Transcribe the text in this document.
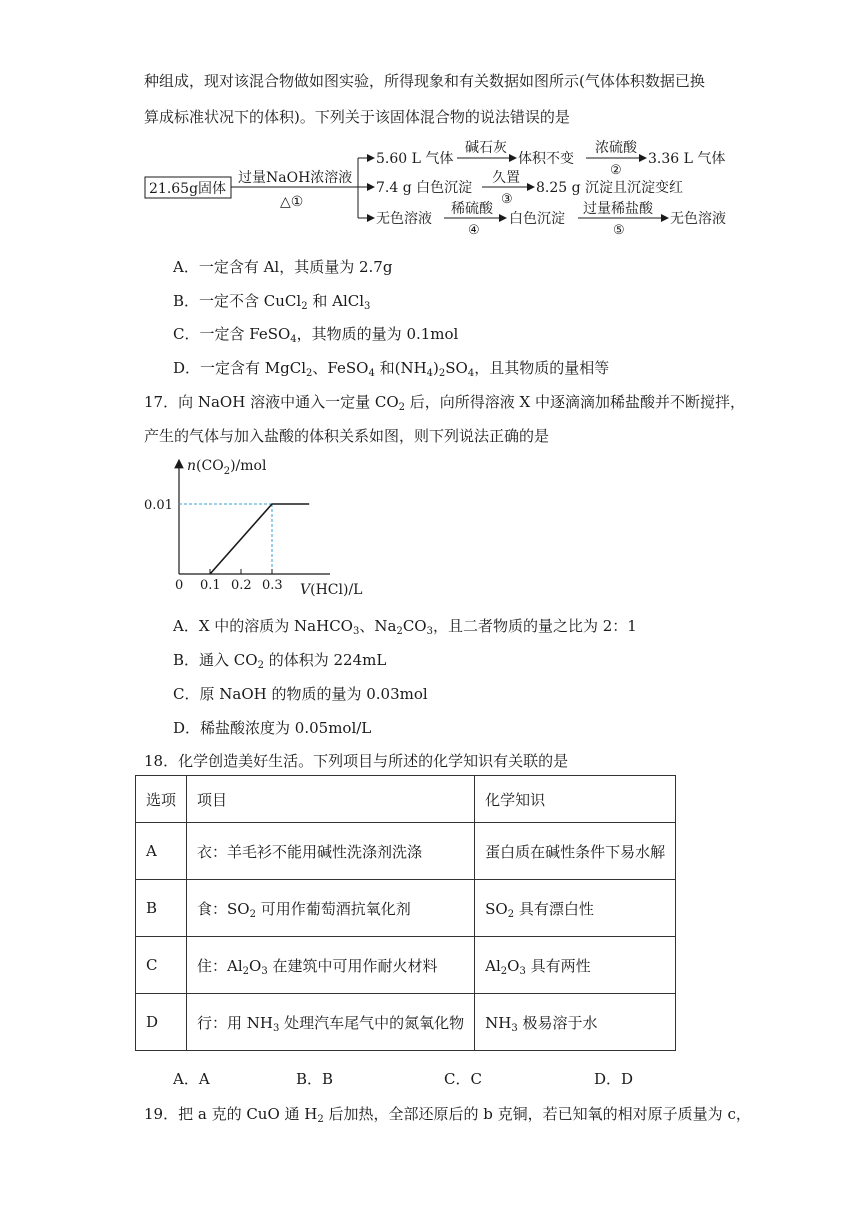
种组成，现对该混合物做如图实验，所得现象和有关数据如图所示(气体体积数据已换
算成标准状况下的体积)。下列关于该固体混合物的说法错误的是
21.65g固体
过量NaOH浓溶液
△①
5.60 L 气体
碱石灰
体积不变
浓硫酸
②
3.36 L 气体
7.4 g 白色沉淀
久置
③
8.25 g 沉淀且沉淀变红
无色溶液
稀硫酸
④
白色沉淀
过量稀盐酸
⑤
无色溶液
A．一定含有 Al，其质量为 2.7g
B．一定不含 CuCl$_2$ 和 AlCl$_3$
C．一定含 FeSO$_4$，其物质的量为 0.1mol
D．一定含有 MgCl$_2$、FeSO$_4$ 和$(NH_4)_2SO_4$，且其物质的量相等
17．向 NaOH 溶液中通入一定量 $CO_2$ 后，向所得溶液 X 中逐滴滴加稀盐酸并不断搅拌，
产生的气体与加入盐酸的体积关系如图，则下列说法正确的是
$n(CO_2)$/mol
V(HCl)/L
0 0.1 0.2 0.3
0.01
A．X 中的溶质为 NaHCO$_3$、$Na_2CO_3$，且二者物质的量之比为 2：1
B．通入 $CO_2$ 的体积为 224mL
C．原 NaOH 的物质的量为 0.03mol
D．稀盐酸浓度为 0.05mol/L
18．化学创造美好生活。下列项目与所述的化学知识有关联的是
选项	项目	化学知识
A	衣：羊毛衫不能用碱性洗涤剂洗涤	蛋白质在碱性条件下易水解
B	食：$SO_2$ 可用作葡萄酒抗氧化剂	$SO_2$ 具有漂白性
C	住：$Al_2O_3$ 在建筑中可用作耐火材料	$Al_2O_3$ 具有两性
D	行：用 $NH_3$ 处理汽车尾气中的氮氧化物	$NH_3$ 极易溶于水
A．A	B．B	C．C	D．D
19．把 a 克的 CuO 通 $H_2$ 后加热，全部还原后的 b 克铜，若已知氧的相对原子质量为 c，
